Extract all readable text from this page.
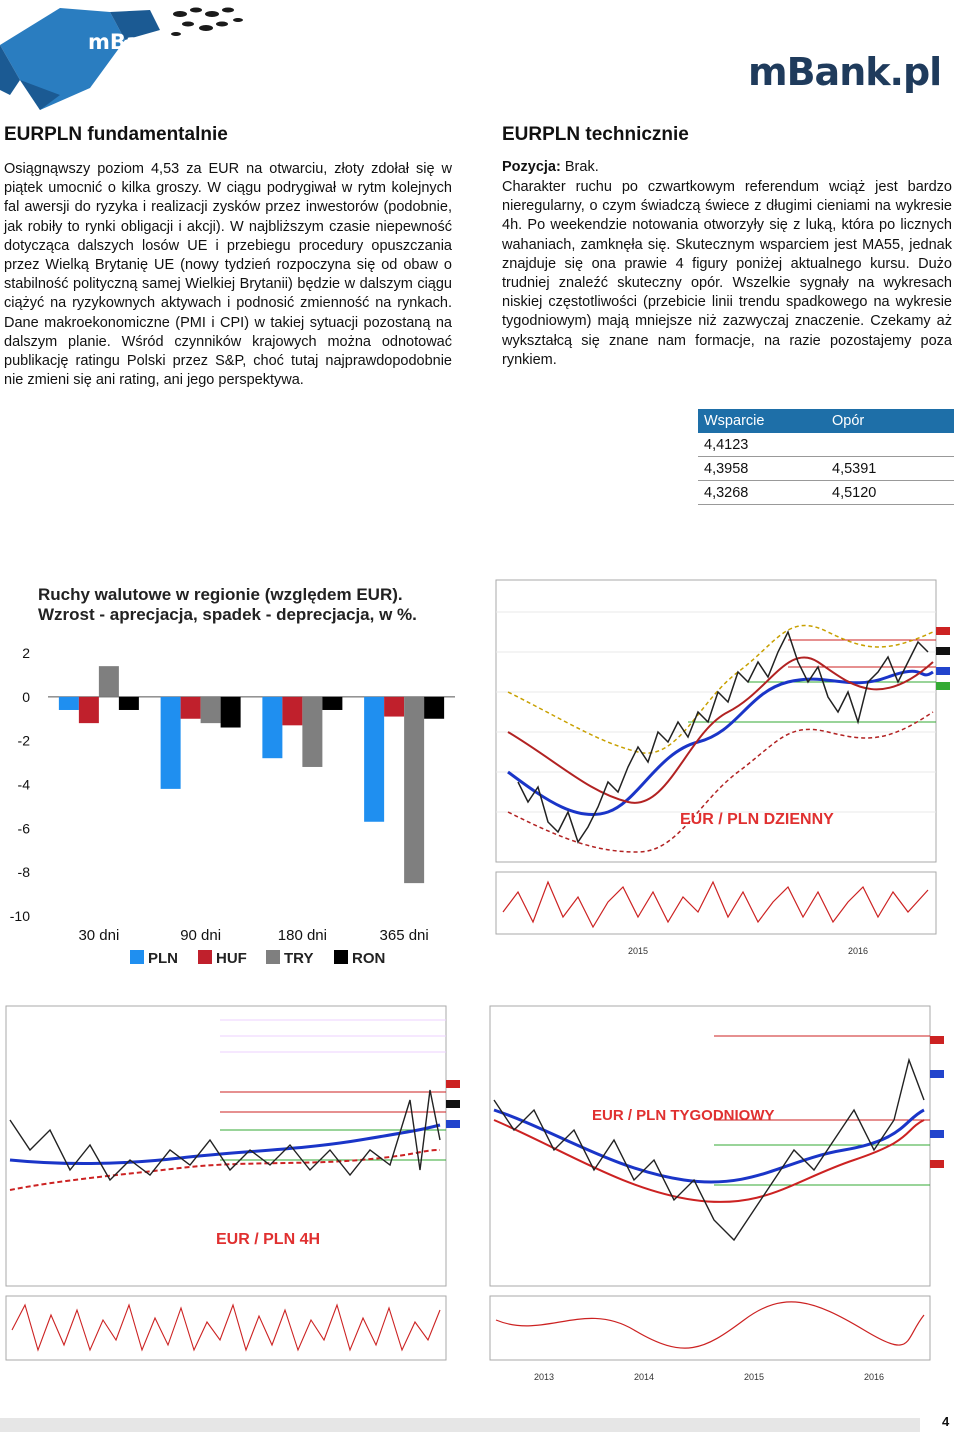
mBank
mBank.pl
EURPLN fundamentalnie

Osiągnąwszy poziom 4,53 za EUR na otwarciu, złoty zdołał się w piątek umocnić o kilka groszy. W ciągu podrygiwał w rytm kolejnych fal awersji do ryzyka i realizacji zysków przez inwestorów (podobnie, jak robiły to rynki obligacji i akcji). W najbliższym czasie niepewność dotycząca dalszych losów UE i przebiegu procedury opuszczania przez Wielką Brytanię UE (nowy tydzień rozpoczyna się od obaw o stabilność polityczną samej Wielkiej Brytanii) będzie w dalszym ciągu ciążyć na ryzykownych aktywach i podnosić zmienność na rynkach. Dane makroekonomiczne (PMI i CPI) w takiej sytuacji pozostaną na dalszym planie. Wśród czynników krajowych można odnotować publikację ratingu Polski przez S&P, choć tutaj najprawdopodobnie nie zmieni się ani rating, ani jego perspektywa.

EURPLN technicznie
Pozycja: Brak.

Charakter ruchu po czwartkowym referendum wciąż jest bardzo nieregularny, o czym świadczą świece z długimi cieniami na wykresie 4h. Po weekendzie notowania otworzyły się z luką, która po licznych wahaniach, zamknęła się. Skutecznym wsparciem jest MA55, jednak znajduje się ona prawie 4 figury poniżej aktualnego kursu. Dużo trudniej znaleźć skuteczny opór. Wszelkie sygnały na wykresach niskiej częstotliwości (przebicie linii trendu spadkowego na wykresie tygodniowym) mają mniejsze niż zazwyczaj znaczenie. Czekamy aż wykształcą się znane nam formacje, na razie pozostajemy poza rynkiem.

Wsparcie	Opór
4,4123	
4,3958	4,5391
4,3268	4,5120
Ruchy walutowe w regionie (względem EUR).
Wzrost - aprecjacja, spadek - deprecjacja, w %.
2
0
-2
-4
-6
-8
-10
30 dni	90 dni	180 dni	365 dni
PLN	HUF TRY	RON
EUR / PLN DZIENNY
2015	2016
EUR / PLN 4H
EUR / PLN TYGODNIOWY
2013	2014	2015	2016
4
